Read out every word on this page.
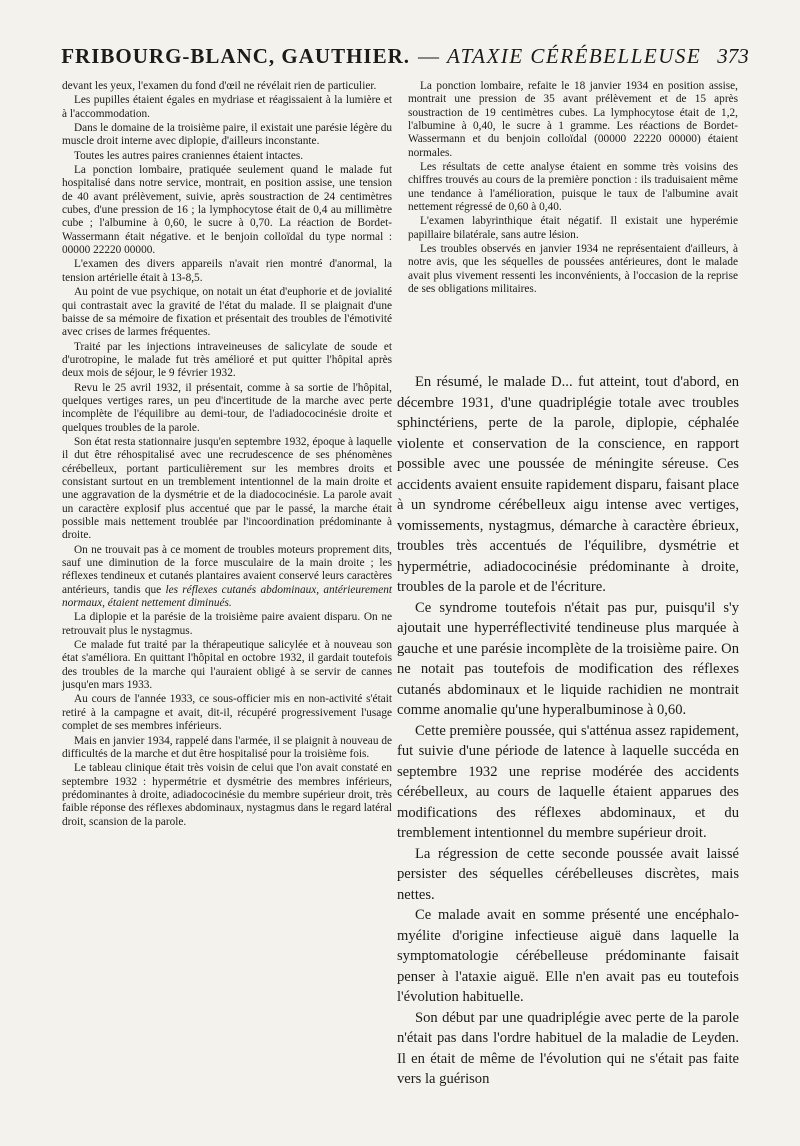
FRIBOURG-BLANC, GAUTHIER. — ATAXIE CÉRÉBELLEUSE 373

devant les yeux, l'examen du fond d'œil ne révélait rien de particulier.

Les pupilles étaient égales en mydriase et réagissaient à la lumière et à l'accommodation.

Dans le domaine de la troisième paire, il existait une parésie légère du muscle droit interne avec diplopie, d'ailleurs inconstante.

Toutes les autres paires craniennes étaient intactes.

La ponction lombaire, pratiquée seulement quand le malade fut hospitalisé dans notre service, montrait, en position assise, une tension de 40 avant prélèvement, suivie, après soustraction de 24 centimètres cubes, d'une pression de 16 ; la lymphocytose était de 0,4 au millimètre cube ; l'albumine à 0,60, le sucre à 0,70. La réaction de Bordet-Wassermann était négative. et le benjoin colloïdal du type normal : 00000 22220 00000.

L'examen des divers appareils n'avait rien montré d'anormal, la tension artérielle était à 13-8,5.

Au point de vue psychique, on notait un état d'euphorie et de jovialité qui contrastait avec la gravité de l'état du malade. Il se plaignait d'une baisse de sa mémoire de fixation et présentait des troubles de l'émotivité avec crises de larmes fréquentes.

Traité par les injections intraveineuses de salicylate de soude et d'urotropine, le malade fut très amélioré et put quitter l'hôpital après deux mois de séjour, le 9 février 1932.

Revu le 25 avril 1932, il présentait, comme à sa sortie de l'hôpital, quelques vertiges rares, un peu d'incertitude de la marche avec perte incomplète de l'équilibre au demi-tour, de l'adiadococinésie droite et quelques troubles de la parole.

Son état resta stationnaire jusqu'en septembre 1932, époque à laquelle il dut être réhospitalisé avec une recrudescence de ses phénomènes cérébelleux, portant particulièrement sur les membres droits et consistant surtout en un tremblement intentionnel de la main droite et une aggravation de la dysmétrie et de la diadococinésie. La parole avait un caractère explosif plus accentué que par le passé, la marche était possible mais nettement troublée par l'incoordination prédominante à droite.

On ne trouvait pas à ce moment de troubles moteurs proprement dits, sauf une diminution de la force musculaire de la main droite ; les réflexes tendineux et cutanés plantaires avaient conservé leurs caractères antérieurs, tandis que les réflexes cutanés abdominaux, antérieurement normaux, étaient nettement diminués.

La diplopie et la parésie de la troisième paire avaient disparu. On ne retrouvait plus le nystagmus.

Ce malade fut traité par la thérapeutique salicylée et à nouveau son état s'améliora. En quittant l'hôpital en octobre 1932, il gardait toutefois des troubles de la marche qui l'auraient obligé à se servir de cannes jusqu'en mars 1933.

Au cours de l'année 1933, ce sous-officier mis en non-activité s'était retiré à la campagne et avait, dit-il, récupéré progressivement l'usage complet de ses membres inférieurs.

Mais en janvier 1934, rappelé dans l'armée, il se plaignit à nouveau de difficultés de la marche et dut être hospitalisé pour la troisième fois.

Le tableau clinique était très voisin de celui que l'on avait constaté en septembre 1932 : hypermétrie et dysmétrie des membres inférieurs, prédominantes à droite, adiadococinésie du membre supérieur droit, très faible réponse des réflexes abdominaux, nystagmus dans le regard latéral droit, scansion de la parole.

La ponction lombaire, refaite le 18 janvier 1934 en position assise, montrait une pression de 35 avant prélèvement et de 15 après soustraction de 19 centimètres cubes. La lymphocytose était de 1,2, l'albumine à 0,40, le sucre à 1 gramme. Les réactions de Bordet-Wassermann et du benjoin colloïdal (00000 22220 00000) étaient normales.

Les résultats de cette analyse étaient en somme très voisins des chiffres trouvés au cours de la première ponction : ils traduisaient même une tendance à l'amélioration, puisque le taux de l'albumine avait nettement régressé de 0,60 à 0,40.

L'examen labyrinthique était négatif. Il existait une hyperémie papillaire bilatérale, sans autre lésion.

Les troubles observés en janvier 1934 ne représentaient d'ailleurs, à notre avis, que les séquelles de poussées antérieures, dont le malade avait plus vivement ressenti les inconvénients, à l'occasion de la reprise de ses obligations militaires.

En résumé, le malade D... fut atteint, tout d'abord, en décembre 1931, d'une quadriplégie totale avec troubles sphinctériens, perte de la parole, diplopie, céphalée violente et conservation de la conscience, en rapport possible avec une poussée de méningite séreuse. Ces accidents avaient ensuite rapidement disparu, faisant place à un syndrome cérébelleux aigu intense avec vertiges, vomissements, nystagmus, démarche à caractère ébrieux, troubles très accentués de l'équilibre, dysmétrie et hypermétrie, adiadococinésie prédominante à droite, troubles de la parole et de l'écriture.

Ce syndrome toutefois n'était pas pur, puisqu'il s'y ajoutait une hyperréflectivité tendineuse plus marquée à gauche et une parésie incomplète de la troisième paire. On ne notait pas toutefois de modification des réflexes cutanés abdominaux et le liquide rachidien ne montrait comme anomalie qu'une hyperalbuminose à 0,60.

Cette première poussée, qui s'atténua assez rapidement, fut suivie d'une période de latence à laquelle succéda en septembre 1932 une reprise modérée des accidents cérébelleux, au cours de laquelle étaient apparues des modifications des réflexes abdominaux, et du tremblement intentionnel du membre supérieur droit.

La régression de cette seconde poussée avait laissé persister des séquelles cérébelleuses discrètes, mais nettes.

Ce malade avait en somme présenté une encéphalo-myélite d'origine infectieuse aiguë dans laquelle la symptomatologie cérébelleuse prédominante faisait penser à l'ataxie aiguë. Elle n'en avait pas eu toutefois l'évolution habituelle.

Son début par une quadriplégie avec perte de la parole n'était pas dans l'ordre habituel de la maladie de Leyden. Il en était de même de l'évolution qui ne s'était pas faite vers la guérison
